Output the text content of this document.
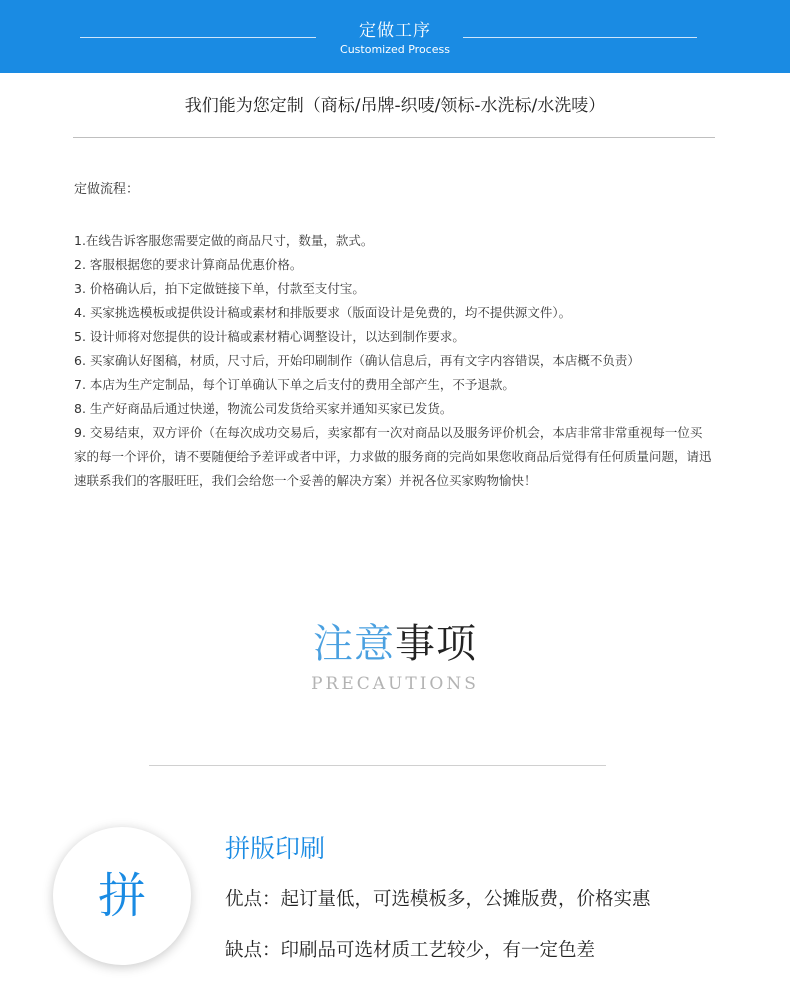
定做工序
Customized Process
我们能为您定制（商标/吊牌-织唛/领标-水洗标/水洗唛）
定做流程：

1.在线告诉客服您需要定做的商品尺寸，数量，款式。

2. 客服根据您的要求计算商品优惠价格。

3. 价格确认后，拍下定做链接下单，付款至支付宝。

4. 买家挑选模板或提供设计稿或素材和排版要求（版面设计是免费的，均不提供源文件）。

5. 设计师将对您提供的设计稿或素材精心调整设计，以达到制作要求。

6. 买家确认好图稿，材质，尺寸后，开始印刷制作（确认信息后，再有文字内容错误，本店概不负责）

7. 本店为生产定制品，每个订单确认下单之后支付的费用全部产生，不予退款。

8. 生产好商品后通过快递，物流公司发货给买家并通知买家已发货。

9. 交易结束，双方评价（在每次成功交易后，卖家都有一次对商品以及服务评价机会，本店非常非常重视每一位买家的每一个评价，请不要随便给予差评或者中评，力求做的服务商的完尚如果您收商品后觉得有任何质量问题，请迅速联系我们的客服旺旺，我们会给您一个妥善的解决方案）并祝各位买家购物愉快！

注意事项
PRECAUTIONS
拼
拼版印刷
优点：起订量低，可选模板多，公摊版费，价格实惠
缺点：印刷品可选材质工艺较少，有一定色差
